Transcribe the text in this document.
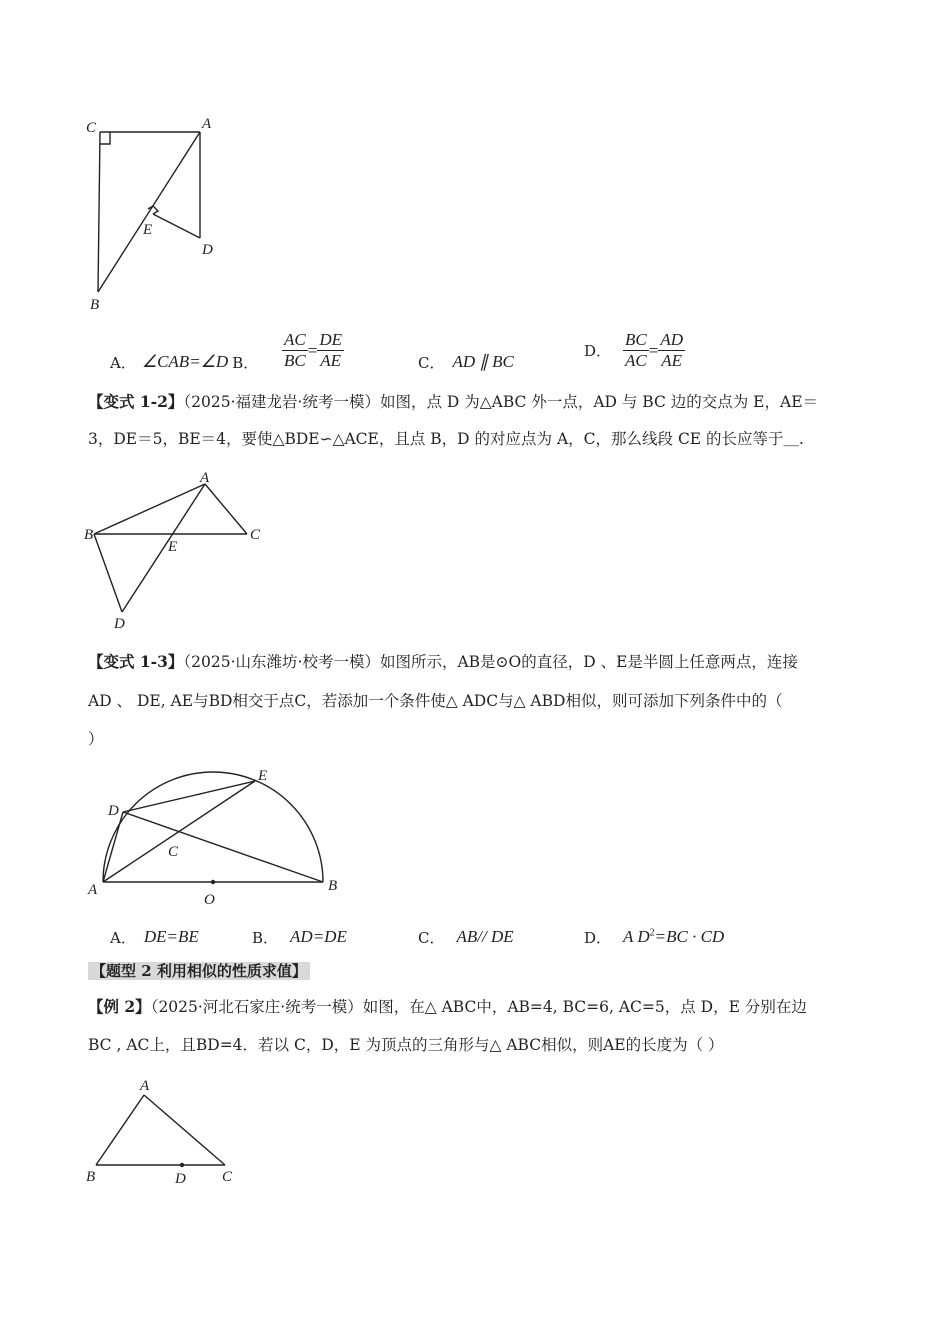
C	A
E
D
B
A． ∠CAB=∠D B． $\frac{AC}{BC} = \frac{DE}{AE}$	C． AD ∥ BC
D． $\frac{BC}{AC} = \frac{AD}{AE}$
【变式 1-2】（2025·福建龙岩·统考一模）如图，点 D 为△ABC 外一点，AD 与 BC 边的交点为 E，AE＝
3，DE＝5，BE＝4，要使△BDE∽△ACE，且点 B，D 的对应点为 A，C，那么线段 CE 的长应等于＿.
A
B	C
E
D
【变式 1-3】（2025·山东潍坊·校考一模）如图所示，AB是⊙O的直径，D 、E是半圆上任意两点，连接
AD 、 DE, AE与BD相交于点C，若添加一个条件使△ ADC与△ ABD相似，则可添加下列条件中的（
）
D
E
C
A	B
O
A． DE=BE	B． AD=DE	C． AB// DE	D． A $D^2=BC$ · CD
【题型 2 利用相似的性质求值】
【例 2】（2025·河北石家庄·统考一模）如图，在△ ABC中，AB=4, BC=6, AC=5，点 D，E 分别在边
BC , AC上，且BD=4．若以 C，D，E 为顶点的三角形与△ ABC相似，则AE的长度为（ ）
A
B	D C
